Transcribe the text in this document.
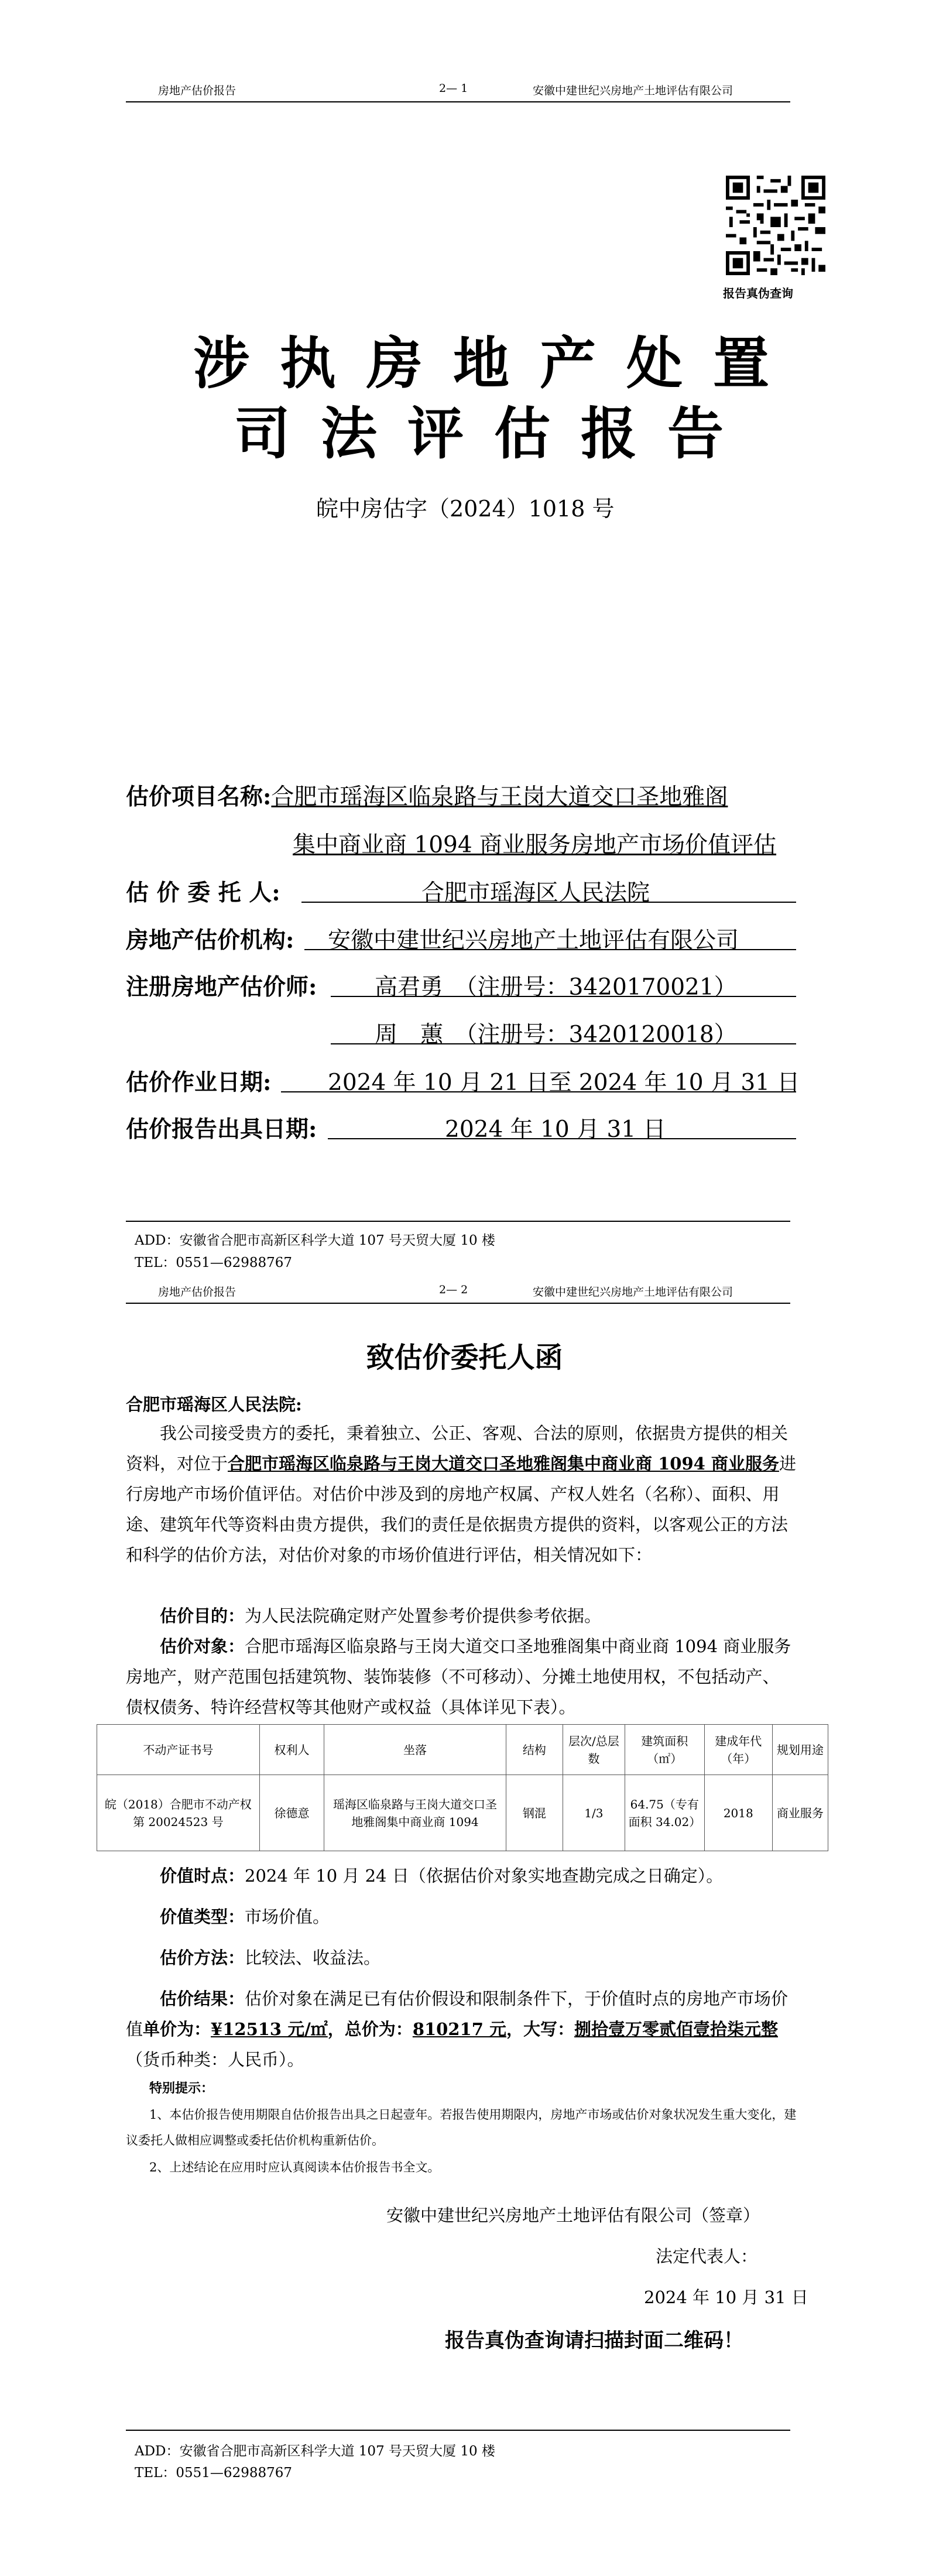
房地产估价报告	2— 1	安徽中建世纪兴房地产土地评估有限公司
报告真伪查询
涉执房地产处置
司法评估报告
皖中房估字（2024）1018 号
估价项目名称:合肥市瑶海区临泉路与王岗大道交口圣地雅阁
集中商业商 1094 商业服务房地产市场价值评估
估 价 委 托 人:	合肥市瑶海区人民法院
房地产估价机构: 安徽中建世纪兴房地产土地评估有限公司
注册房地产估价师:	高君勇　（注册号：3420170021）
周　蕙　（注册号：3420120018）
估价作业日期: 2024 年 10 月 21 日至 2024 年 10 月 31 日
估价报告出具日期:	2024 年 10 月 31 日
ADD：安徽省合肥市高新区科学大道 107 号天贸大厦 10 楼
TEL：0551—62988767
房地产估价报告	2— 2	安徽中建世纪兴房地产土地评估有限公司
致估价委托人函
合肥市瑶海区人民法院:
我公司接受贵方的委托，秉着独立、公正、客观、合法的原则，依据贵方提供的相关资料，对位于合肥市瑶海区临泉路与王岗大道交口圣地雅阁集中商业商 1094 商业服务进行房地产市场价值评估。对估价中涉及到的房地产权属、产权人姓名（名称）、面积、用途、建筑年代等资料由贵方提供，我们的责任是依据贵方提供的资料，以客观公正的方法和科学的估价方法，对估价对象的市场价值进行评估，相关情况如下：
估价目的：为人民法院确定财产处置参考价提供参考依据。
估价对象：合肥市瑶海区临泉路与王岗大道交口圣地雅阁集中商业商 1094 商业服务房地产，财产范围包括建筑物、装饰装修（不可移动）、分摊土地使用权，不包括动产、债权债务、特许经营权等其他财产或权益（具体详见下表）。
不动产证书号	权利人	坐落	结构	层次/总层数	建筑面积（㎡）	建成年代（年）	规划用途
皖（2018）合肥市不动产权第 20024523 号	徐德意	瑶海区临泉路与王岗大道交口圣地雅阁集中商业商 1094	钢混	1/3	64.75（专有面积 34.02）	2018	商业服务
价值时点：2024 年 10 月 24 日（依据估价对象实地查勘完成之日确定）。
价值类型：市场价值。
估价方法：比较法、收益法。
估价结果：估价对象在满足已有估价假设和限制条件下，于价值时点的房地产市场价值单价为：¥12513 元/㎡，总价为：810217 元，大写：捌拾壹万零贰佰壹拾柒元整（货币种类：人民币）。
特别提示：
1、本估价报告使用期限自估价报告出具之日起壹年。若报告使用期限内，房地产市场或估价对象状况发生重大变化，建议委托人做相应调整或委托估价机构重新估价。
2、上述结论在应用时应认真阅读本估价报告书全文。
安徽中建世纪兴房地产土地评估有限公司（签章）
法定代表人：
2024 年 10 月 31 日
报告真伪查询请扫描封面二维码！
ADD：安徽省合肥市高新区科学大道 107 号天贸大厦 10 楼
TEL：0551—62988767
